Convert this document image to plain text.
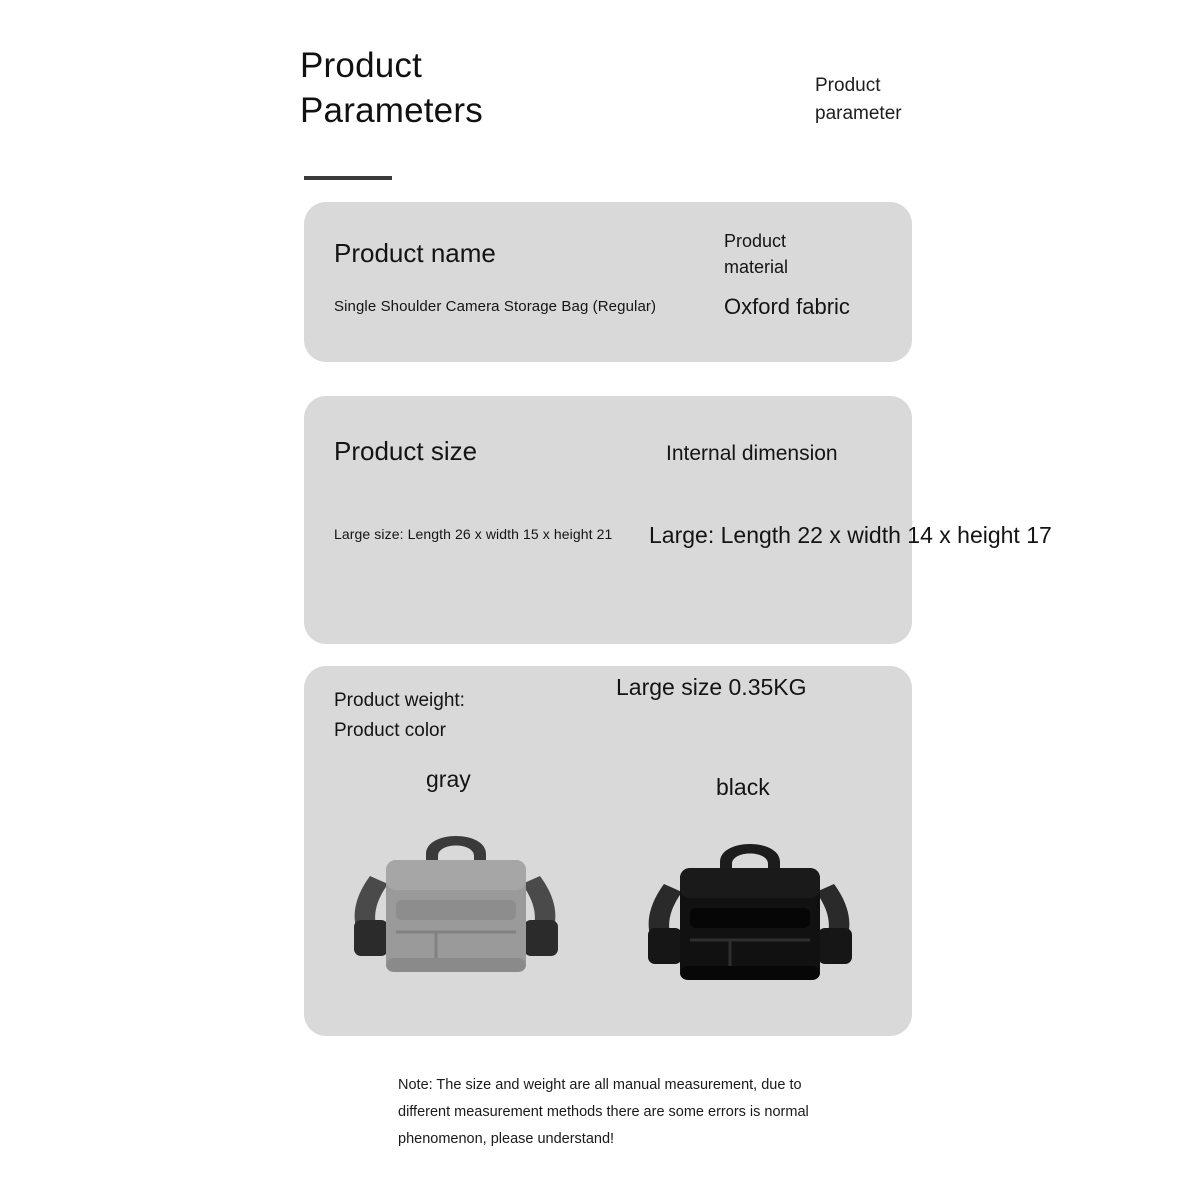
Product
Parameters
Product
parameter
Product name
Single Shoulder Camera Storage Bag (Regular)
Product
material
Oxford fabric
Product size
Large size: Length 26 x width 15 x height 21
Internal dimension
Large: Length 22 x width 14 x height 17
Product weight:
Product color
Large size 0.35KG
gray	black
Note: The size and weight are all manual measurement, due to different measurement methods there are some errors is normal phenomenon, please understand!
